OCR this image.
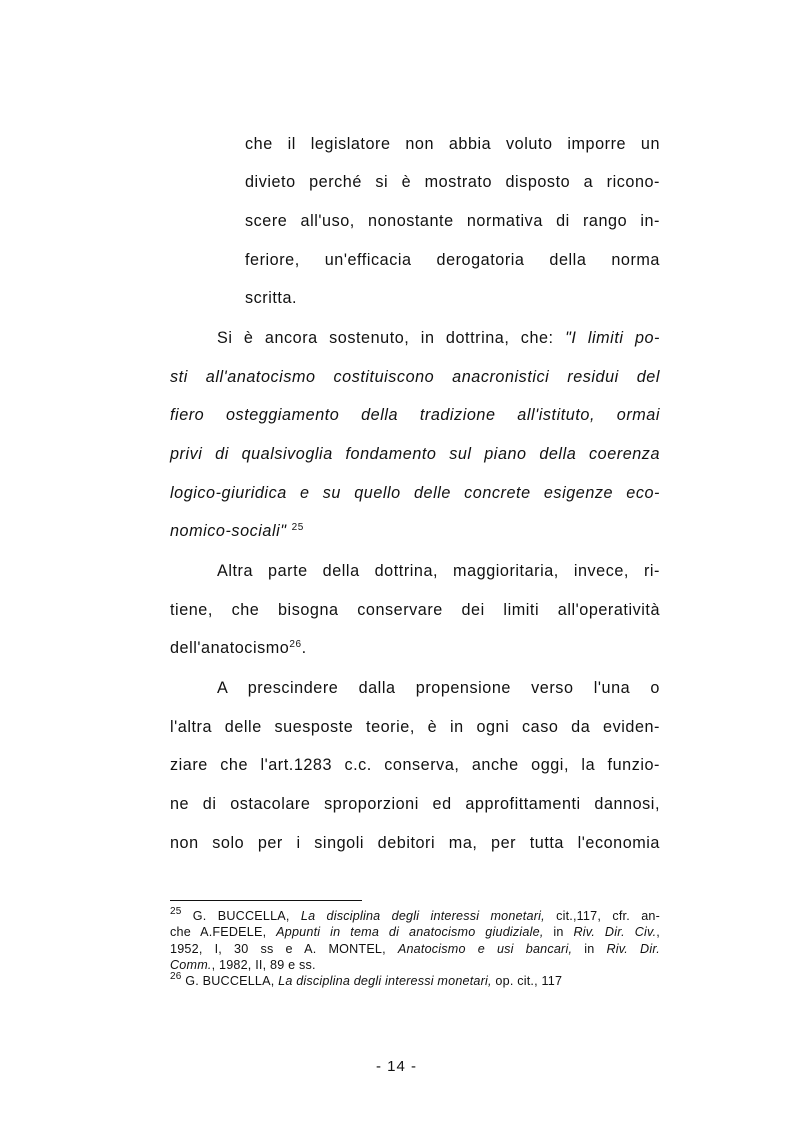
che il legislatore non abbia voluto imporre un
divieto perché si è mostrato disposto a ricono-
scere all'uso, nonostante normativa di rango in-
feriore, un'efficacia derogatoria della norma
scritta.
Si è ancora sostenuto, in dottrina, che: "I limiti po-
sti all'anatocismo costituiscono anacronistici residui del
fiero osteggiamento della tradizione all'istituto, ormai
privi di qualsivoglia fondamento sul piano della coerenza
logico-giuridica e su quello delle concrete esigenze eco-
nomico-sociali" $^{25}$
Altra parte della dottrina, maggioritaria, invece, ri-
tiene, che bisogna conservare dei limiti all'operatività
dell'anatocismo$^{26}$.
A prescindere dalla propensione verso l'una o
l'altra delle suesposte teorie, è in ogni caso da eviden-
ziare che l'art.1283 c.c. conserva, anche oggi, la funzio-
ne di ostacolare sproporzioni ed approfittamenti dannosi,
non solo per i singoli debitori ma, per tutta l'economia
$^{25}$ G. BUCCELLA, La disciplina degli interessi monetari, cit.,117, cfr. an-
che A.FEDELE, Appunti in tema di anatocismo giudiziale, in Riv. Dir. Civ.,
1952, I, 30 ss e A. MONTEL, Anatocismo e usi bancari, in Riv. Dir.
Comm., 1982, II, 89 e ss.
$^{26}$ G. BUCCELLA, La disciplina degli interessi monetari, op. cit., 117
- 14 -
